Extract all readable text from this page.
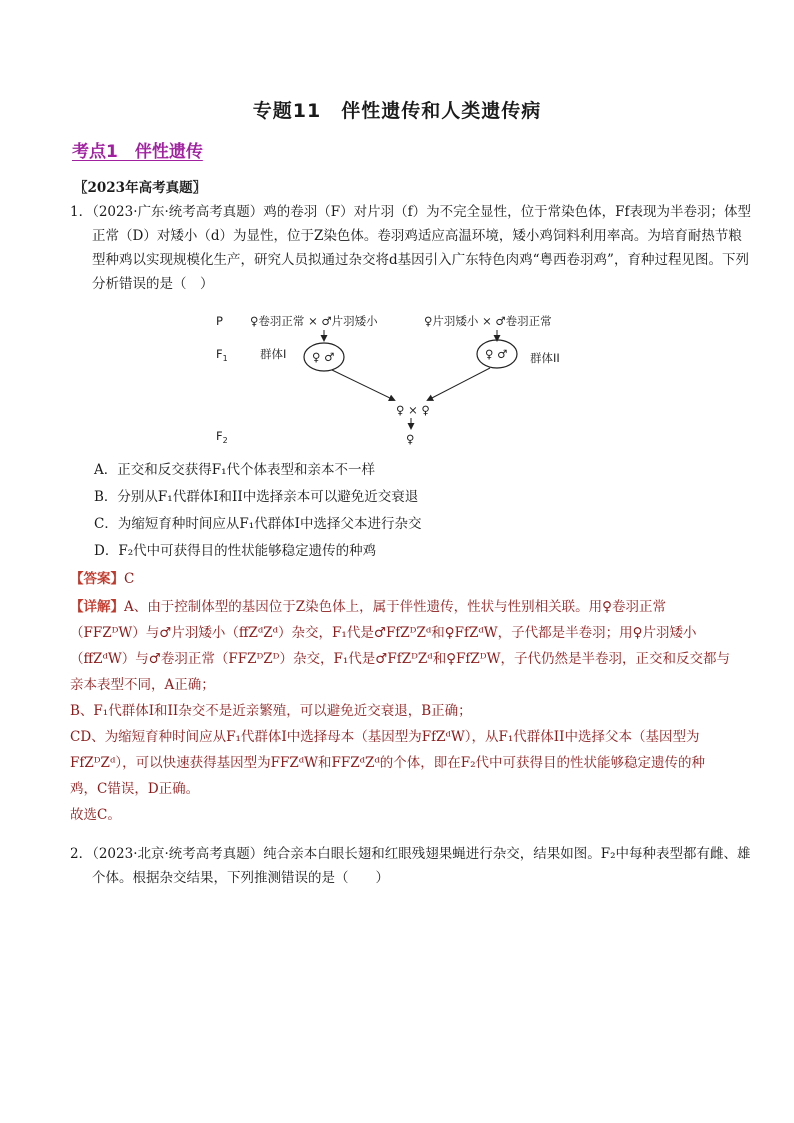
专题11　伴性遗传和人类遗传病
考点1　伴性遗传
〖2023年高考真题〗
1．（2023·广东·统考高考真题）鸡的卷羽（F）对片羽（f）为不完全显性，位于常染色体，Ff表现为半卷羽；体型正常（D）对矮小（d）为显性，位于Z染色体。卷羽鸡适应高温环境，矮小鸡饲料利用率高。为培育耐热节粮型种鸡以实现规模化生产，研究人员拟通过杂交将d基因引入广东特色肉鸡“粤西卷羽鸡”，育种过程见图。下列分析错误的是（　）
P
$F_1$
$F_2$
♀卷羽正常 × ♂片羽矮小	♀片羽矮小 × ♂卷羽正常
群体I ♀ ♂	♀ ♂ 群体II
♀ × ♀
♀
A．正交和反交获得F₁代个体表型和亲本不一样
B．分别从F₁代群体I和II中选择亲本可以避免近交衰退
C．为缩短育种时间应从F₁代群体I中选择父本进行杂交
D．F₂代中可获得目的性状能够稳定遗传的种鸡
【答案】C
【详解】A、由于控制体型的基因位于Z染色体上，属于伴性遗传，性状与性别相关联。用♀卷羽正常（FFZᴰW）与♂片羽矮小（ffZᵈZᵈ）杂交，F₁代是♂FfZᴰZᵈ和♀FfZᵈW，子代都是半卷羽；用♀片羽矮小（ffZᵈW）与♂卷羽正常（FFZᴰZᴰ）杂交，F₁代是♂FfZᴰZᵈ和♀FfZᴰW，子代仍然是半卷羽，正交和反交都与亲本表型不同，A正确；
B、F₁代群体I和II杂交不是近亲繁殖，可以避免近交衰退，B正确；
CD、为缩短育种时间应从F₁代群体I中选择母本（基因型为FfZᵈW），从F₁代群体II中选择父本（基因型为FfZᴰZᵈ），可以快速获得基因型为FFZᵈW和FFZᵈZᵈ的个体，即在F₂代中可获得目的性状能够稳定遗传的种鸡，C错误，D正确。
故选C。
2．（2023·北京·统考高考真题）纯合亲本白眼长翅和红眼残翅果蝇进行杂交，结果如图。F₂中每种表型都有雌、雄个体。根据杂交结果，下列推测错误的是（　　）
